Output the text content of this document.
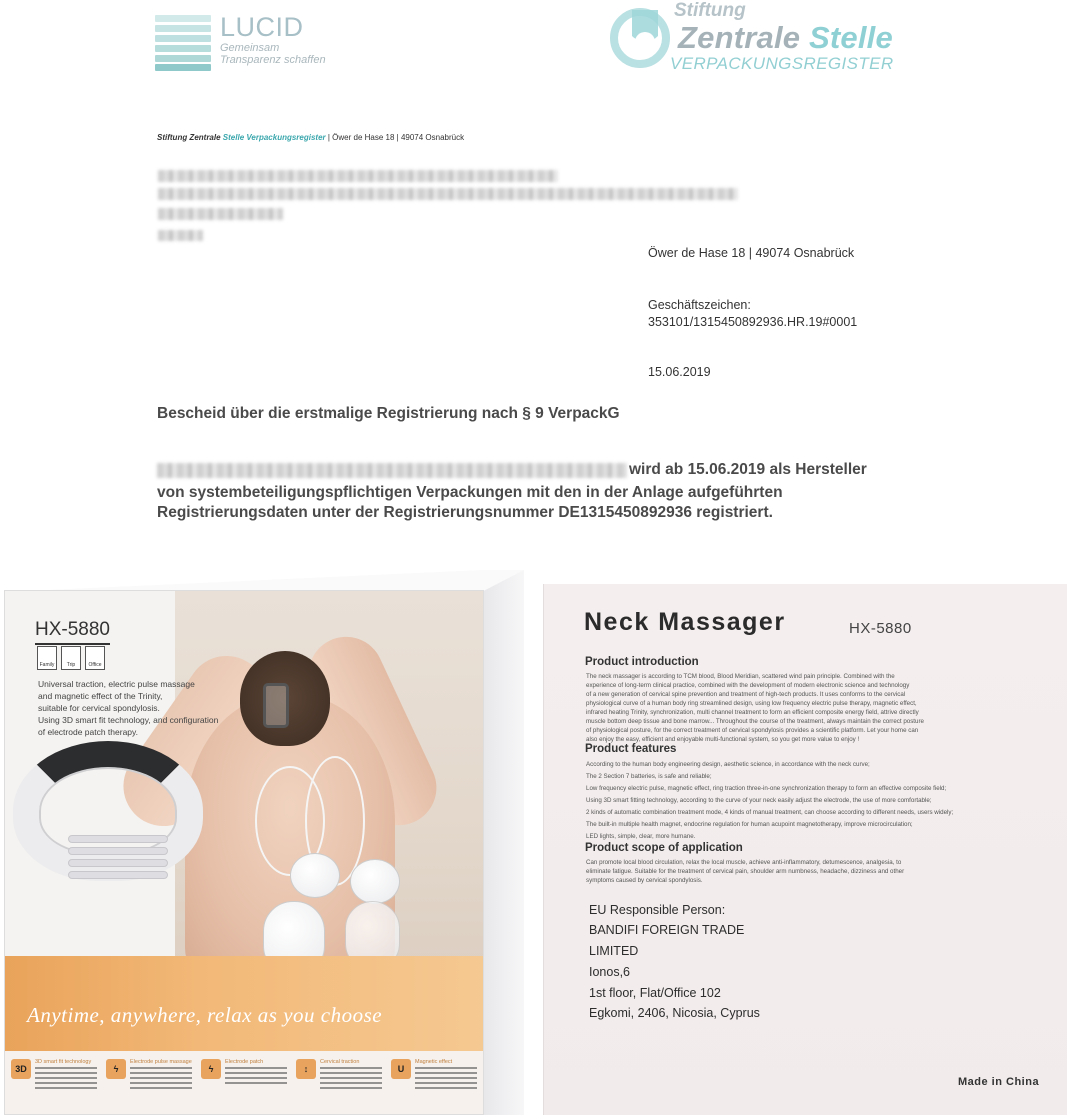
LUCID
Gemeinsam
Transparenz schaffen
Stiftung
Zentrale Stelle
VERPACKUNGSREGISTER
Stiftung Zentrale Stelle Verpackungsregister | Öwer de Hase 18 | 49074 Osnabrück
Öwer de Hase 18 | 49074 Osnabrück
Geschäftszeichen:
353101/1315450892936.HR.19#0001
15.06.2019
Bescheid über die erstmalige Registrierung nach § 9 VerpackG
wird ab 15.06.2019 als Hersteller
von systembeteiligungspflichtigen Verpackungen mit den in der Anlage aufgeführten
Registrierungsdaten unter der Registrierungsnummer DE1315450892936 registriert.
HX-5880
Family	Trip	Office
Universal traction, electric pulse massage
and magnetic effect of the Trinity,
suitable for cervical spondylosis.
Using 3D smart fit technology, and configuration
of electrode patch therapy.
Anytime, anywhere, relax as you choose
3D
3D smart fit technology
ϟ
Electrode pulse massage
ϟ
Electrode patch
↕
Cervical traction
U
Magnetic effect
Neck Massager	HX-5880
Product introduction
The neck massager is according to TCM blood, Blood Meridian, scattered wind pain principle. Combined with the
experience of long-term clinical practice, combined with the development of modern electronic science and technology
of a new generation of cervical spine prevention and treatment of high-tech products. It uses conforms to the cervical
physiological curve of a human body ring streamlined design, using low frequency electric pulse therapy, magnetic effect,
infrared heating Trinity, synchronization, multi channel treatment to form an efficient composite energy field, attrive directly
muscle bottom deep tissue and bone marrow... Throughout the course of the treatment, always maintain the correct posture
of physiological posture, for the correct treatment of cervical spondylosis provides a scientific platform. Let your home can
also enjoy the easy, efficient and enjoyable multi-functional system, so you get more value to enjoy !
Product features
According to the human body engineering design, aesthetic science, in accordance with the neck curve;
The 2 Section 7 batteries, is safe and reliable;
Low frequency electric pulse, magnetic effect, ring traction three-in-one synchronization therapy to form an effective composite field;
Using 3D smart fitting technology, according to the curve of your neck easily adjust the electrode, the use of more comfortable;
2 kinds of automatic combination treatment mode, 4 kinds of manual treatment, can choose according to different needs, users widely;
The built-in multiple health magnet, endocrine regulation for human acupoint magnetotherapy, improve microcirculation;
LED lights, simple, clear, more humane.
Product scope of application
Can promote local blood circulation, relax the local muscle, achieve anti-inflammatory, detumescence, analgesia, to
eliminate fatigue. Suitable for the treatment of cervical pain, shoulder arm numbness, headache, dizziness and other
symptoms caused by cervical spondylosis.
EU Responsible Person:
BANDIFI FOREIGN TRADE
LIMITED
Ionos,6
1st floor, Flat/Office 102
Egkomi, 2406, Nicosia, Cyprus
Made in China
